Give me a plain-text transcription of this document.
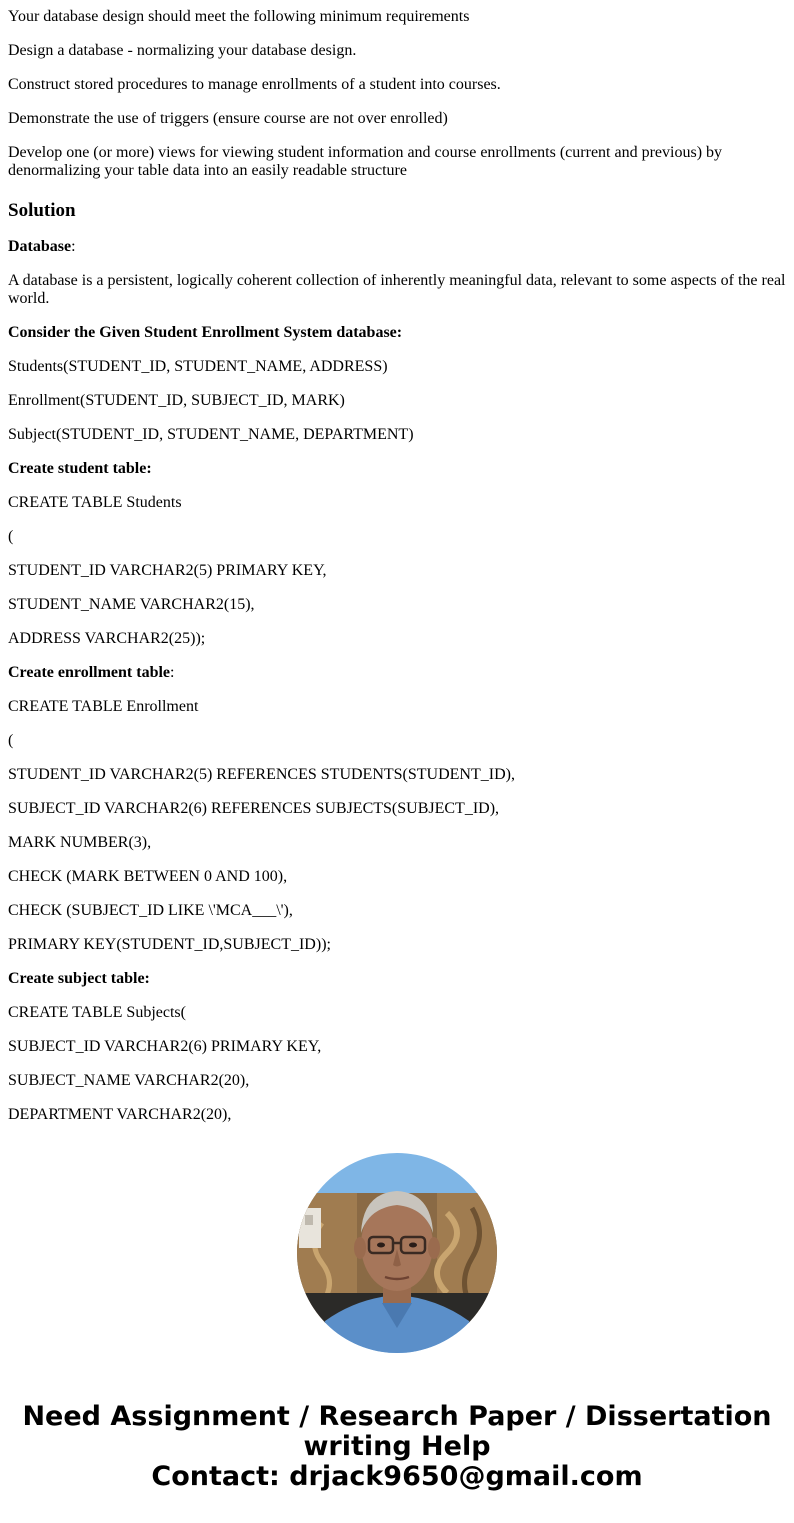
Your database design should meet the following minimum requirements

Design a database - normalizing your database design.

Construct stored procedures to manage enrollments of a student into courses.

Demonstrate the use of triggers (ensure course are not over enrolled)

Develop one (or more) views for viewing student information and course enrollments (current and previous) by denormalizing your table data into an easily readable structure

Solution

Database:

A database is a persistent, logically coherent collection of inherently meaningful data, relevant to some aspects of the real world.

Consider the Given Student Enrollment System database:

Students(STUDENT_ID, STUDENT_NAME, ADDRESS)

Enrollment(STUDENT_ID, SUBJECT_ID, MARK)

Subject(STUDENT_ID, STUDENT_NAME, DEPARTMENT)

Create student table:

CREATE TABLE Students

(

STUDENT_ID VARCHAR2(5) PRIMARY KEY,

STUDENT_NAME VARCHAR2(15),

ADDRESS VARCHAR2(25));

Create enrollment table:

CREATE TABLE Enrollment

(

STUDENT_ID VARCHAR2(5) REFERENCES STUDENTS(STUDENT_ID),

SUBJECT_ID VARCHAR2(6) REFERENCES SUBJECTS(SUBJECT_ID),

MARK NUMBER(3),

CHECK (MARK BETWEEN 0 AND 100),

CHECK (SUBJECT_ID LIKE \'MCA___\'),

PRIMARY KEY(STUDENT_ID,SUBJECT_ID));

Create subject table:

CREATE TABLE Subjects(

SUBJECT_ID VARCHAR2(6) PRIMARY KEY,

SUBJECT_NAME VARCHAR2(20),

DEPARTMENT VARCHAR2(20),

Need Assignment / Research Paper / Dissertation
writing Help
Contact: drjack9650@gmail.com
